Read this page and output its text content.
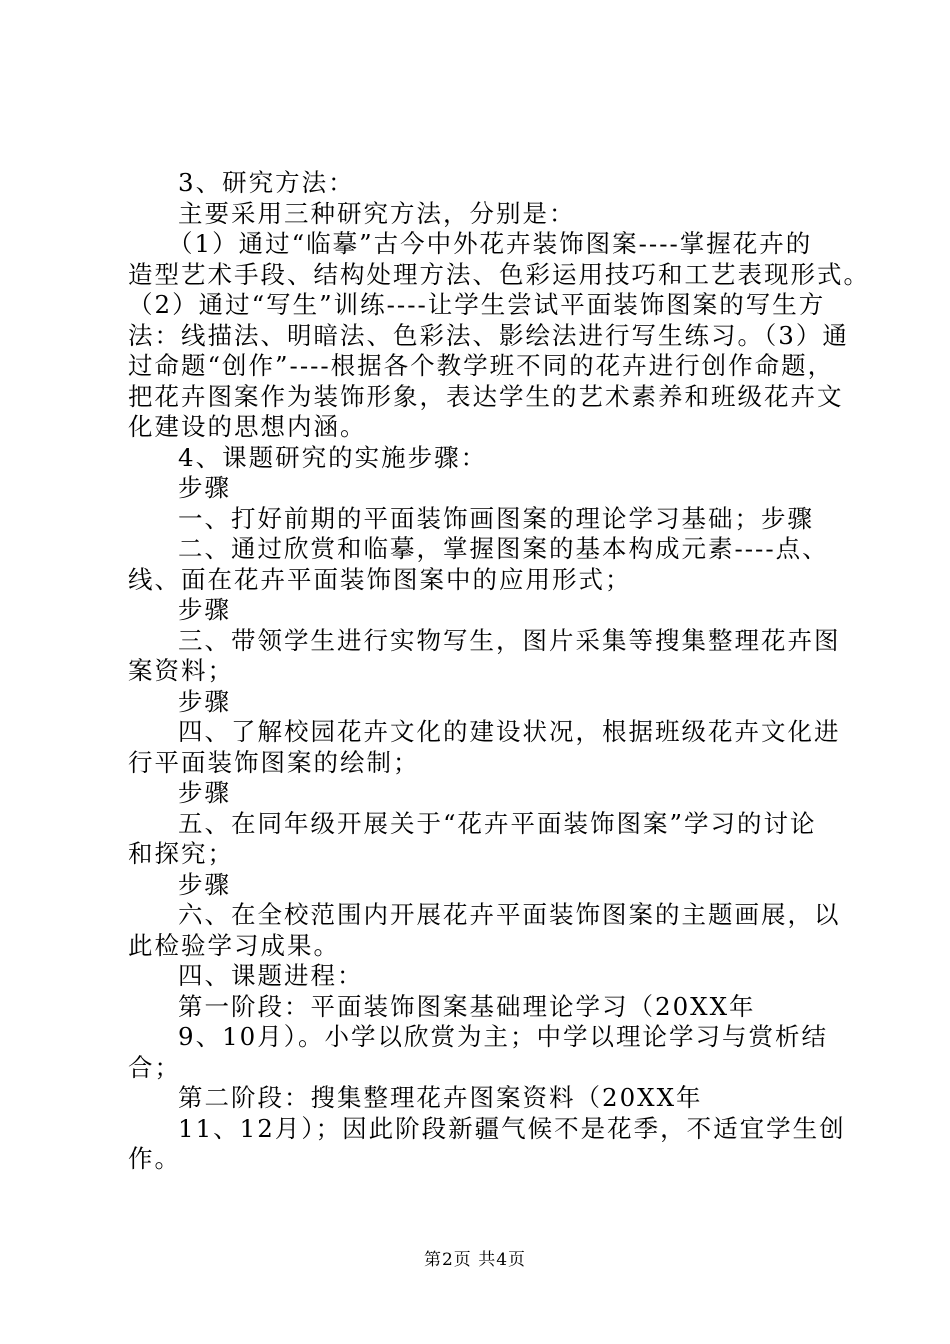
3、研究方法：
主要采用三种研究方法，分别是：
（1）通过“临摹”古今中外花卉装饰图案----掌握花卉的
造型艺术手段、结构处理方法、色彩运用技巧和工艺表现形式。
（2）通过“写生”训练----让学生尝试平面装饰图案的写生方
法：线描法、明暗法、色彩法、影绘法进行写生练习。（3）通
过命题“创作”----根据各个教学班不同的花卉进行创作命题，
把花卉图案作为装饰形象，表达学生的艺术素养和班级花卉文
化建设的思想内涵。
4、课题研究的实施步骤：
步骤
一、打好前期的平面装饰画图案的理论学习基础；步骤
二、通过欣赏和临摹，掌握图案的基本构成元素----点、
线、面在花卉平面装饰图案中的应用形式；
步骤
三、带领学生进行实物写生，图片采集等搜集整理花卉图
案资料；
步骤
四、了解校园花卉文化的建设状况，根据班级花卉文化进
行平面装饰图案的绘制；
步骤
五、在同年级开展关于“花卉平面装饰图案”学习的讨论
和探究；
步骤
六、在全校范围内开展花卉平面装饰图案的主题画展，以
此检验学习成果。
四、课题进程：
第一阶段：平面装饰图案基础理论学习（20XX年
9、10月）。小学以欣赏为主；中学以理论学习与赏析结
合；
第二阶段：搜集整理花卉图案资料（20XX年
11、12月）；因此阶段新疆气候不是花季，不适宜学生创
作。
第2页 共4页
